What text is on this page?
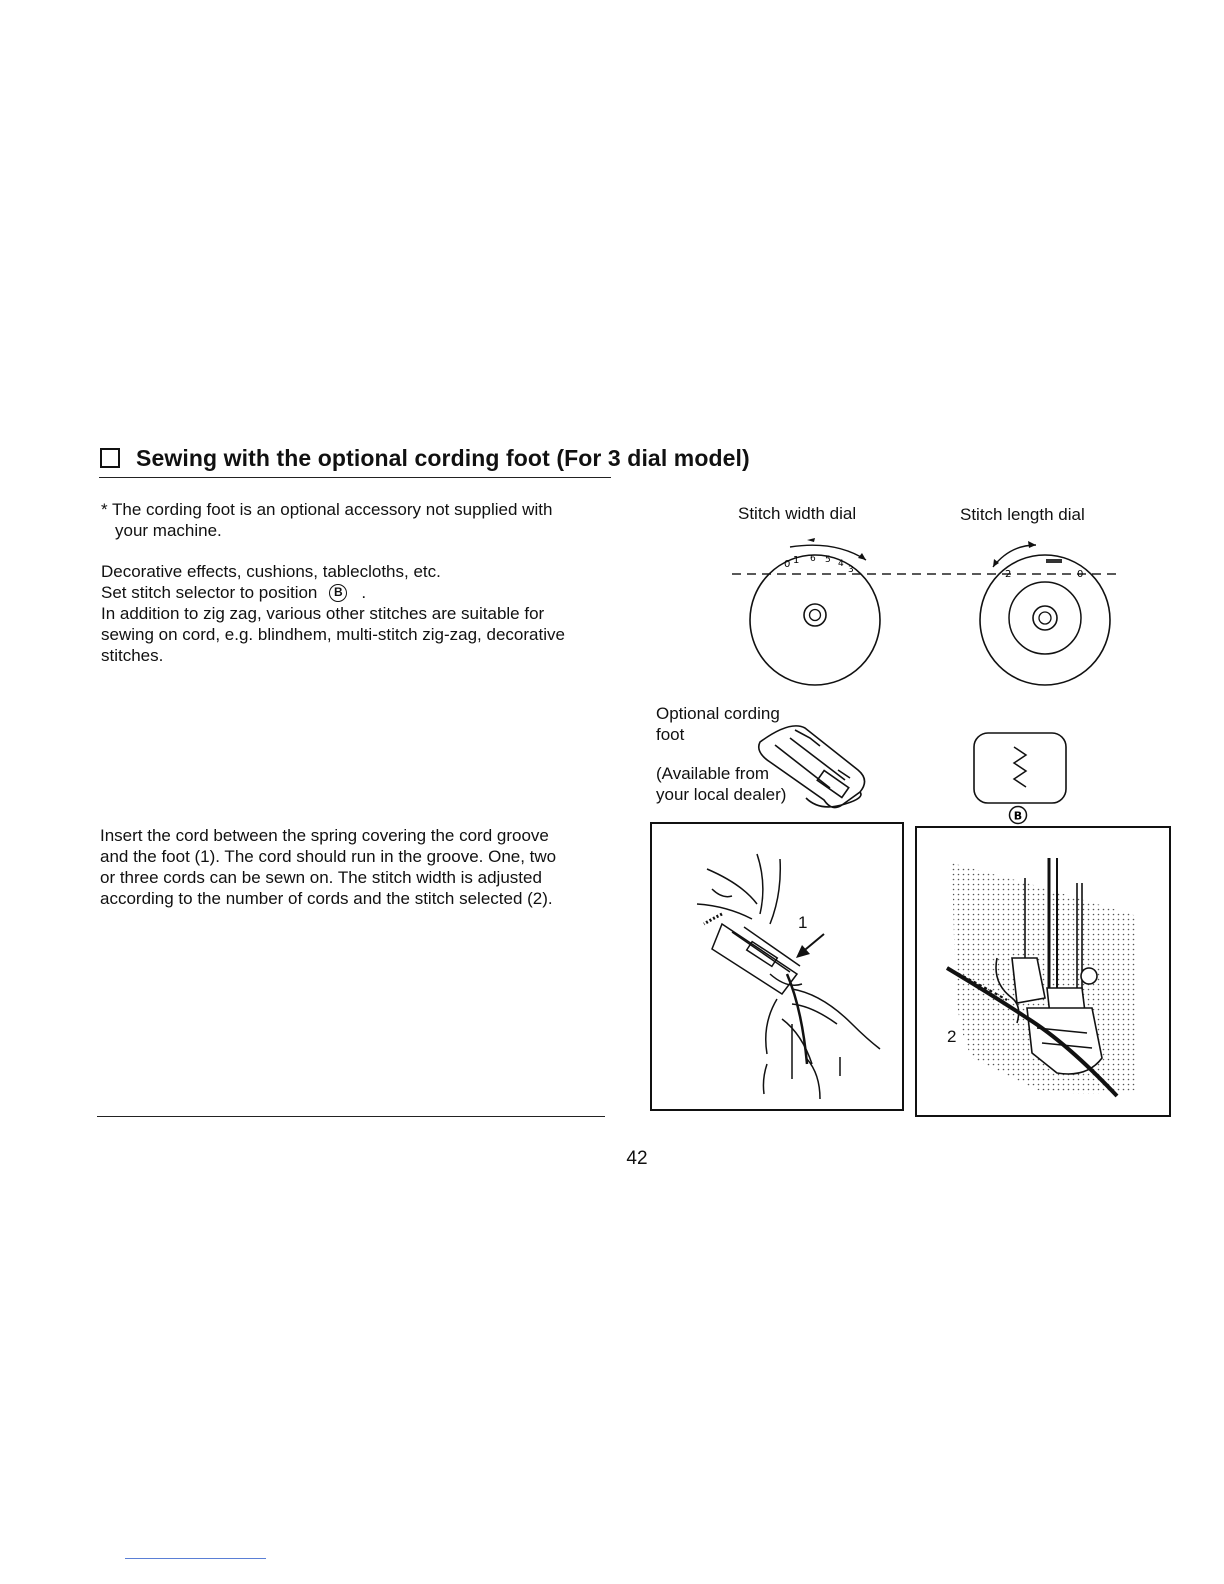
Sewing with the optional cording foot (For 3 dial model)
* The cording foot is an optional accessory not supplied with
your machine.
Decorative effects, cushions, tablecloths, etc.
Set stitch selector to position B .
In addition to zig zag, various other stitches are suitable for
sewing on cord, e.g. blindhem, multi-stitch zig-zag, decorative
stitches.
Insert the cord between the spring covering the cord groove
and the foot (1). The cord should run in the groove. One, two
or three cords can be sewn on. The stitch width is adjusted
according to the number of cords and the stitch selected (2).
Stitch width dial	Stitch length dial
0 1 6 5 4
3	2	0
B
Optional cording
foot
(Available from
your local dealer)
1
2
42
